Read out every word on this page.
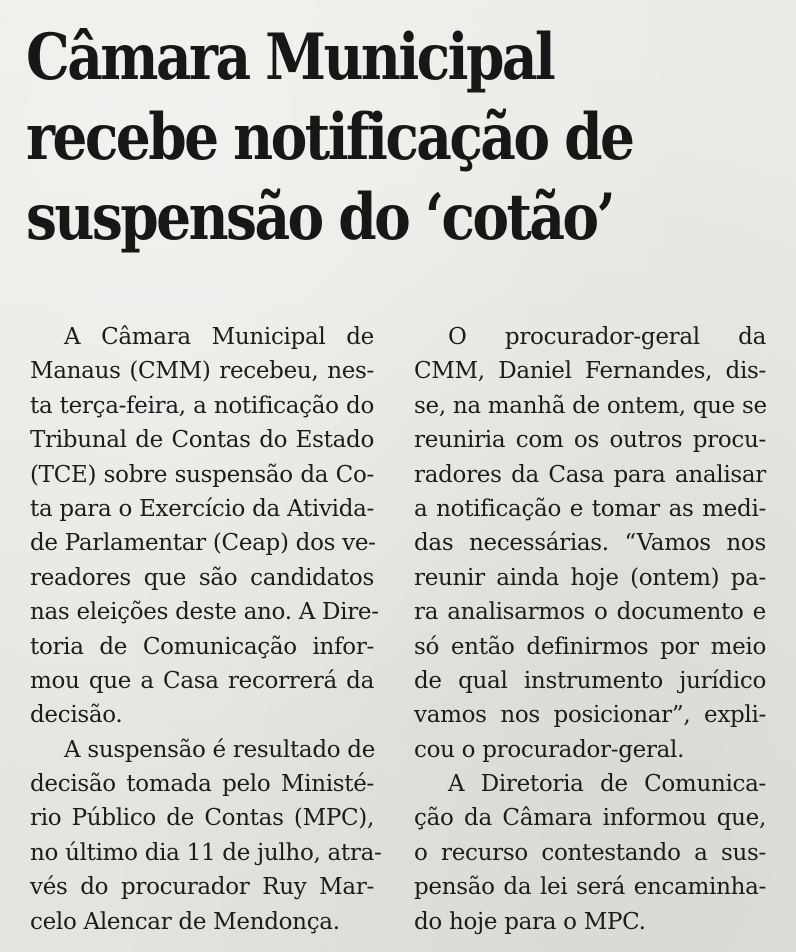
Câmara Municipal
recebe notificação de
suspensão do ‘cotão’
A Câmara Municipal de
Manaus (CMM) recebeu, nes-
ta terça-feira, a notificação do
Tribunal de Contas do Estado
(TCE) sobre suspensão da Co-
ta para o Exercício da Ativida-
de Parlamentar (Ceap) dos ve-
readores que são candidatos
nas eleições deste ano. A Dire-
toria de Comunicação infor-
mou que a Casa recorrerá da
decisão.
A suspensão é resultado de
decisão tomada pelo Ministé-
rio Público de Contas (MPC),
no último dia 11 de julho, atra-
vés do procurador Ruy Mar-
celo Alencar de Mendonça.
O procurador-geral da
CMM, Daniel Fernandes, dis-
se, na manhã de ontem, que se
reuniria com os outros procu-
radores da Casa para analisar
a notificação e tomar as medi-
das necessárias. “Vamos nos
reunir ainda hoje (ontem) pa-
ra analisarmos o documento e
só então definirmos por meio
de qual instrumento jurídico
vamos nos posicionar”, expli-
cou o procurador-geral.
A Diretoria de Comunica-
ção da Câmara informou que,
o recurso contestando a sus-
pensão da lei será encaminha-
do hoje para o MPC.
